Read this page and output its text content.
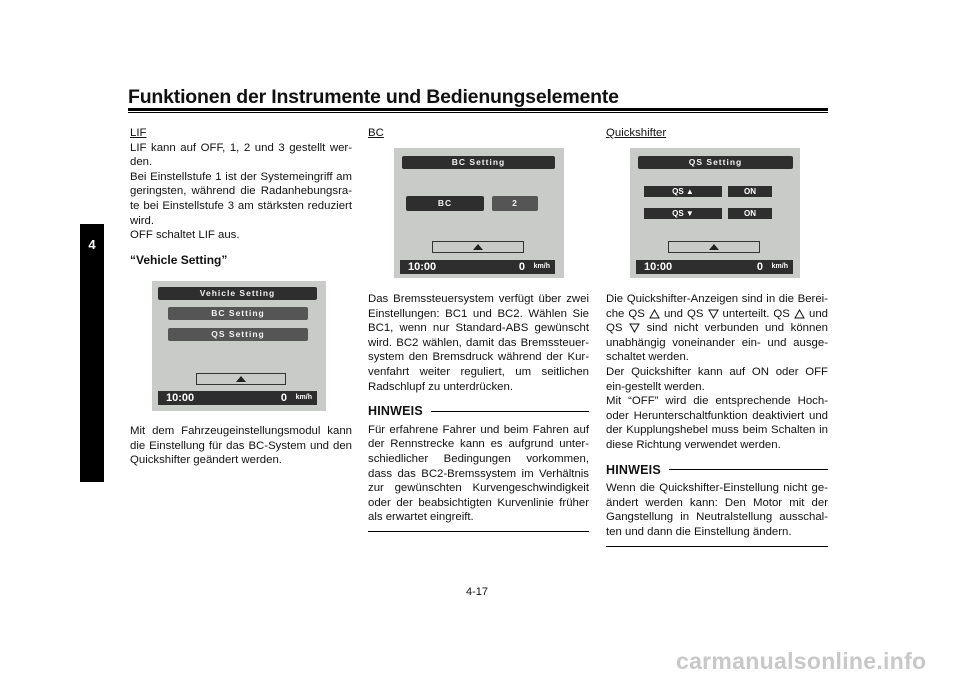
Funktionen der Instrumente und Bedienungselemente
4

LIF

LIF kann auf OFF, 1, 2 und 3 gestellt wer-den.

Bei Einstellstufe 1 ist der Systemeingriff am geringsten, während die Radanhebungsra-te bei Einstellstufe 3 am stärksten reduziert wird.

OFF schaltet LIF aus.

“Vehicle Setting”

Vehicle Setting
BC Setting
QS Setting
10:00	0 km/h
Mit dem Fahrzeugeinstellungsmodul kann die Einstellung für das BC-System und den Quickshifter geändert werden.

BC

BC Setting
BC	2
10:00	0 km/h

Das Bremssteuersystem verfügt über zwei Einstellungen: BC1 und BC2. Wählen Sie BC1, wenn nur Standard-ABS gewünscht wird. BC2 wählen, damit das Bremssteuer-system den Bremsdruck während der Kur-venfahrt weiter reguliert, um seitlichen Radschlupf zu unterdrücken.

HINWEIS

Für erfahrene Fahrer und beim Fahren auf der Rennstrecke kann es aufgrund unter-schiedlicher Bedingungen vorkommen, dass das BC2-Bremssystem im Verhältnis zur gewünschten Kurvengeschwindigkeit oder der beabsichtigten Kurvenlinie früher als erwartet eingreift.

Quickshifter

QS Setting
QS ▲	ON
QS ▼	ON
10:00	0 km/h

Die Quickshifter-Anzeigen sind in die Berei-che QS und QS unterteilt. QS und QS sind nicht verbunden und können unabhängig voneinander ein- und ausge-schaltet werden.

Der Quickshifter kann auf ON oder OFF ein-gestellt werden.

Mit “OFF” wird die entsprechende Hoch-oder Herunterschaltfunktion deaktiviert und der Kupplungshebel muss beim Schalten in diese Richtung verwendet werden.

HINWEIS

Wenn die Quickshifter-Einstellung nicht ge-ändert werden kann: Den Motor mit der Gangstellung in Neutralstellung ausschal-ten und dann die Einstellung ändern.

4-17
carmanualsonline.info
